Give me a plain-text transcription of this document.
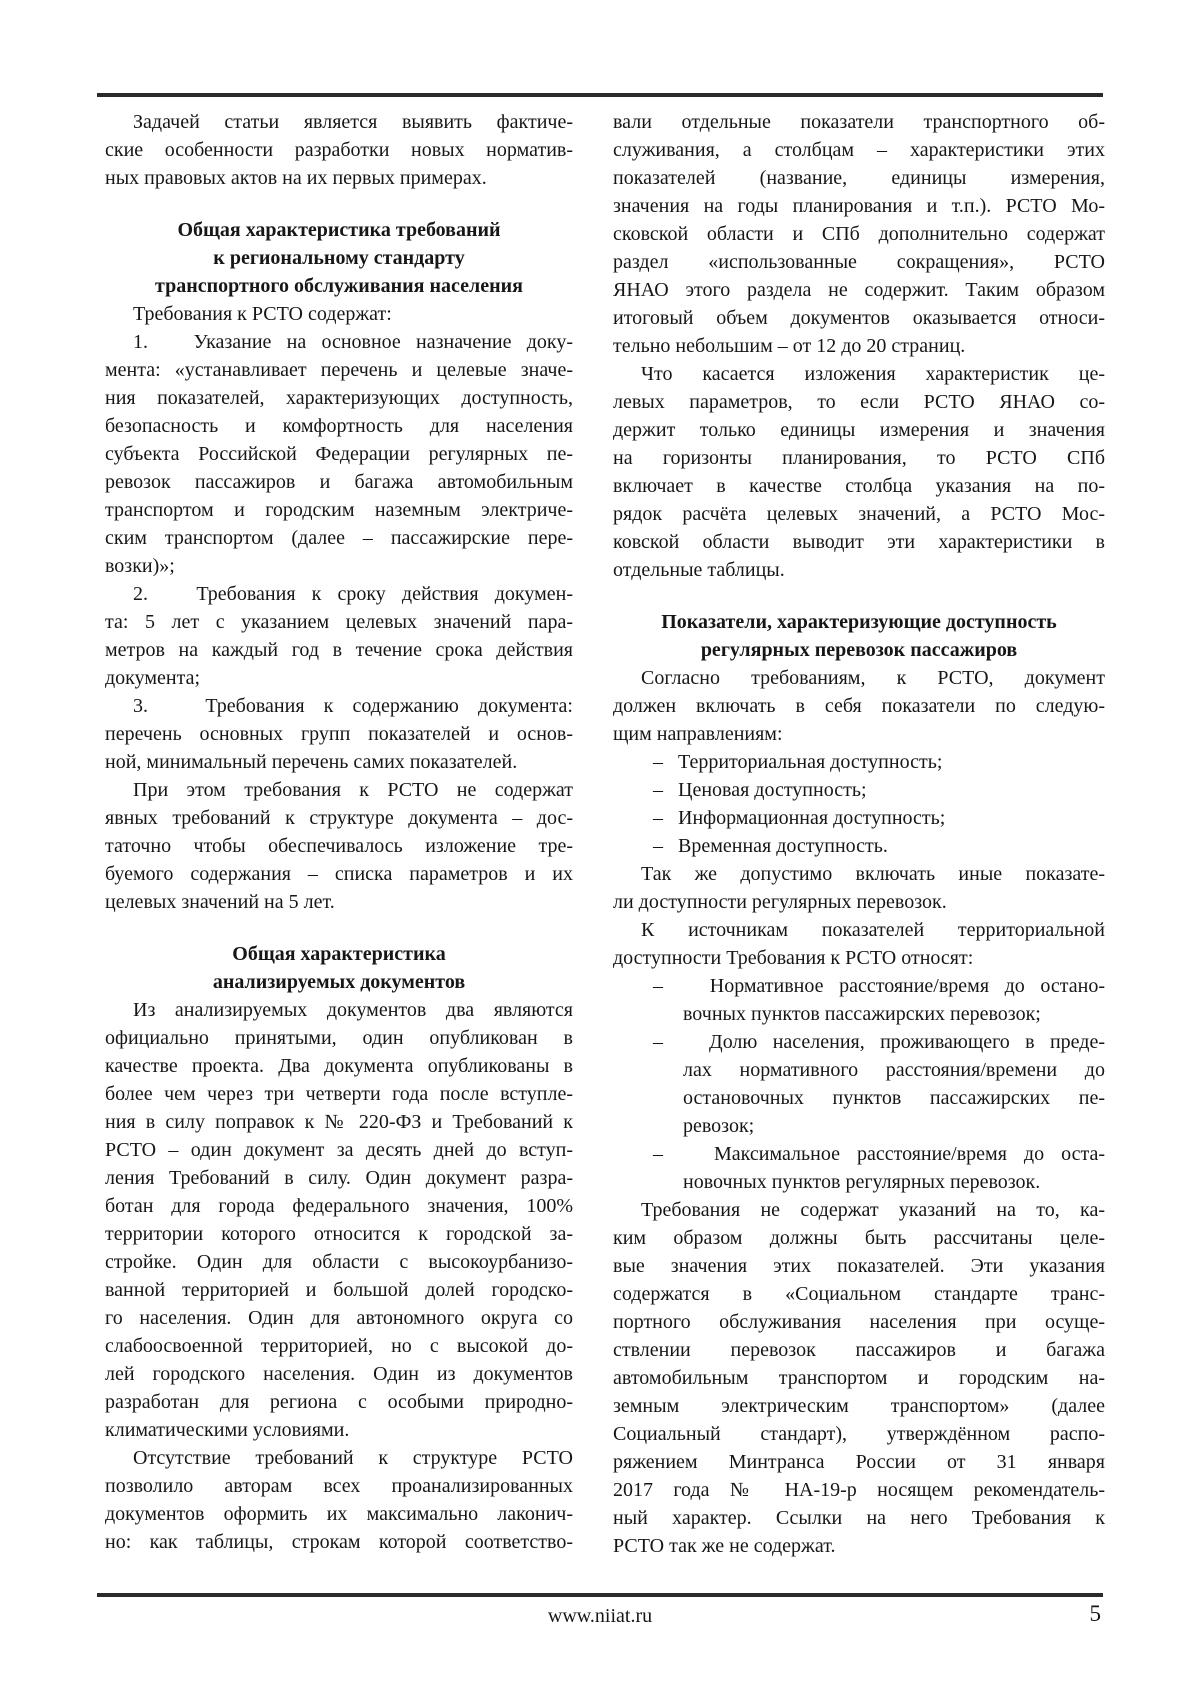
Задачей статьи является выявить фактиче-
ские особенности разработки новых норматив-
ных правовых актов на их первых примерах.
Общая характеристика требований
к региональному стандарту
транспортного обслуживания населения
Требования к РСТО содержат:
1.   Указание на основное назначение доку-
мента: «устанавливает перечень и целевые значе-
ния показателей, характеризующих доступность,
безопасность и комфортность для населения
субъекта Российской Федерации регулярных пе-
ревозок пассажиров и багажа автомобильным
транспортом и городским наземным электриче-
ским транспортом (далее – пассажирские пере-
возки)»;
2.   Требования к сроку действия докумен-
та: 5 лет с указанием целевых значений пара-
метров на каждый год в течение срока действия
документа;
3.   Требования к содержанию документа:
перечень основных групп показателей и основ-
ной, минимальный перечень самих показателей.
При этом требования к РСТО не содержат
явных требований к структуре документа – дос-
таточно чтобы обеспечивалось изложение тре-
буемого содержания – списка параметров и их
целевых значений на 5 лет.
Общая характеристика
анализируемых документов
Из анализируемых документов два являются
официально принятыми, один опубликован в
качестве проекта. Два документа опубликованы в
более чем через три четверти года после вступле-
ния в силу поправок к № 220-ФЗ и Требований к
РСТО – один документ за десять дней до вступ-
ления Требований в силу. Один документ разра-
ботан для города федерального значения, 100%
территории которого относится к городской за-
стройке. Один для области с высокоурбанизо-
ванной территорией и большой долей городско-
го населения. Один для автономного округа со
слабоосвоенной территорией, но с высокой до-
лей городского населения. Один из документов
разработан для региона с особыми природно-
климатическими условиями.
Отсутствие требований к структуре РСТО
позволило авторам всех проанализированных
документов оформить их максимально лаконич-
но: как таблицы, строкам которой соответство-
вали отдельные показатели транспортного об-
служивания, а столбцам – характеристики этих
показателей (название, единицы измерения,
значения на годы планирования и т.п.). РСТО Мо-
сковской области и СПб дополнительно содержат
раздел «использованные сокращения», РСТО
ЯНАО этого раздела не содержит. Таким образом
итоговый объем документов оказывается относи-
тельно небольшим – от 12 до 20 страниц.
Что касается изложения характеристик це-
левых параметров, то если РСТО ЯНАО со-
держит только единицы измерения и значения
на горизонты планирования, то РСТО СПб
включает в качестве столбца указания на по-
рядок расчёта целевых значений, а РСТО Мос-
ковской области выводит эти характеристики в
отдельные таблицы.
Показатели, характеризующие доступность
регулярных перевозок пассажиров
Согласно требованиям, к РСТО, документ
должен включать в себя показатели по следую-
щим направлениям:
–   Территориальная доступность;
–   Ценовая доступность;
–   Информационная доступность;
–   Временная доступность.
Так же допустимо включать иные показате-
ли доступности регулярных перевозок.
К источникам показателей территориальной
доступности Требования к РСТО относят:
–   Нормативное расстояние/время до остано-
вочных пунктов пассажирских перевозок;
–   Долю населения, проживающего в преде-
лах нормативного расстояния/времени до
остановочных пунктов пассажирских пе-
ревозок;
–   Максимальное расстояние/время до оста-
новочных пунктов регулярных перевозок.
Требования не содержат указаний на то, ка-
ким образом должны быть рассчитаны целе-
вые значения этих показателей. Эти указания
содержатся в «Социальном стандарте транс-
портного обслуживания населения при осуще-
ствлении перевозок пассажиров и багажа
автомобильным транспортом и городским на-
земным электрическим транспортом» (далее
Социальный стандарт), утверждённом распо-
ряжением Минтранса России от 31 января
2017 года № НА-19-р носящем рекомендатель-
ный характер. Ссылки на него Требования к
РСТО так же не содержат.
www.niiat.ru	5
